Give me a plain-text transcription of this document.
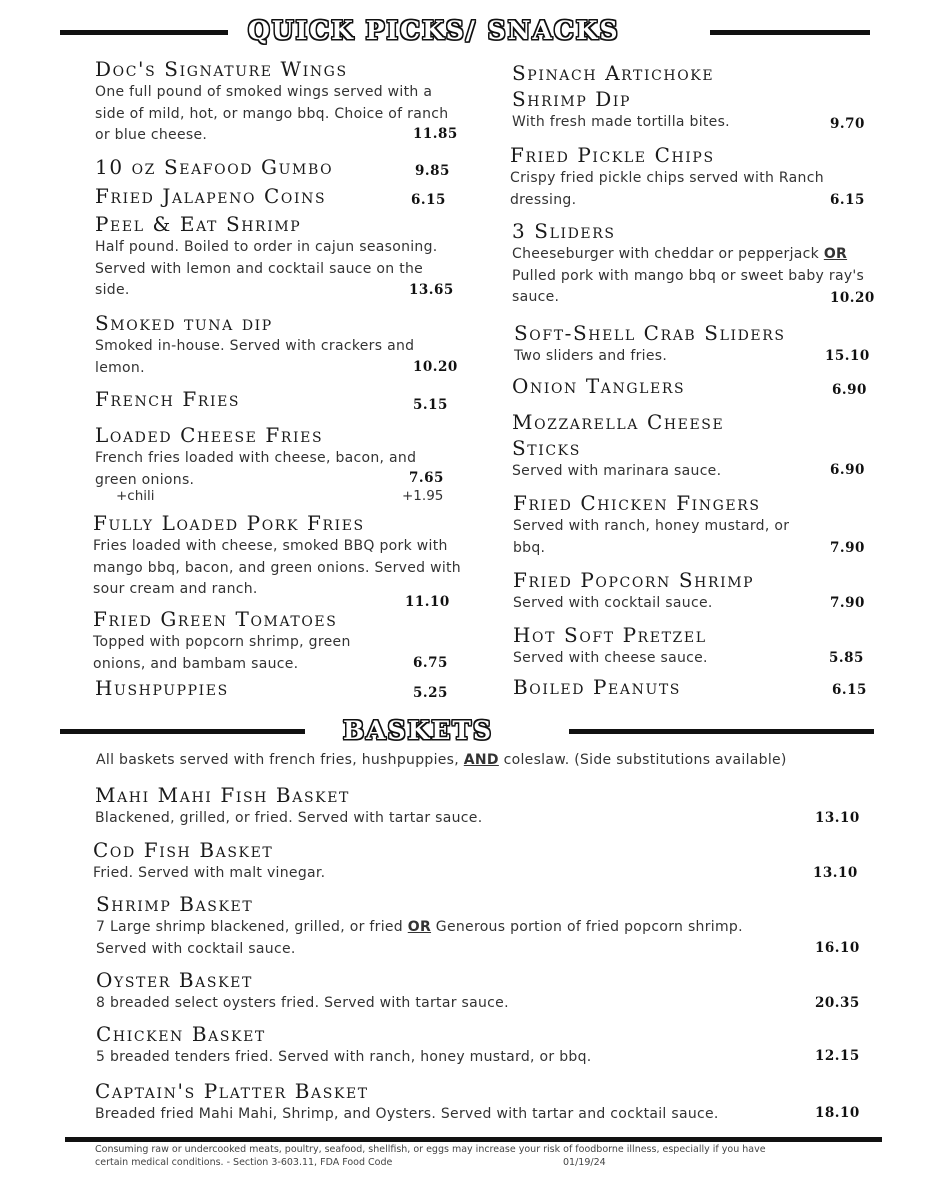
QUICK PICKS/ SNACKS
Doc's Signature Wings
One full pound of smoked wings served with a side of mild, hot, or mango bbq. Choice of ranch or blue cheese.	11.85
10 oz Seafood Gumbo	9.85
Fried Jalapeno Coins	6.15
Peel & Eat Shrimp
Half pound. Boiled to order in cajun seasoning. Served with lemon and cocktail sauce on the side.	13.65
Smoked tuna dip
Smoked in-house. Served with crackers and lemon.	10.20
French Fries	5.15
Loaded Cheese Fries
French fries loaded with cheese, bacon, and green onions.	7.65
+chili	+1.95
Fully Loaded Pork Fries
Fries loaded with cheese, smoked BBQ pork with mango bbq, bacon, and green onions. Served with sour cream and ranch.
11.10
Fried Green Tomatoes
Topped with popcorn shrimp, green onions, and bambam sauce.	6.75
Hushpuppies	5.25
Spinach Artichoke Shrimp Dip
With fresh made tortilla bites.	9.70
Fried Pickle Chips
Crispy fried pickle chips served with Ranch dressing.	6.15
3 Sliders
Cheeseburger with cheddar or pepperjack OR Pulled pork with mango bbq or sweet baby ray's sauce.	10.20
Soft-Shell Crab Sliders
Two sliders and fries.	15.10
Onion Tanglers	6.90
Mozzarella Cheese Sticks
Served with marinara sauce.	6.90
Fried Chicken Fingers
Served with ranch, honey mustard, or bbq.	7.90
Fried Popcorn Shrimp
Served with cocktail sauce.	7.90
Hot Soft Pretzel
Served with cheese sauce.	5.85
Boiled Peanuts	6.15
BASKETS
All baskets served with french fries, hushpuppies, AND coleslaw. (Side substitutions available)
Mahi Mahi Fish Basket
Blackened, grilled, or fried. Served with tartar sauce.	13.10
Cod Fish Basket
Fried. Served with malt vinegar.	13.10
Shrimp Basket
7 Large shrimp blackened, grilled, or fried OR Generous portion of fried popcorn shrimp. Served with cocktail sauce.	16.10
Oyster Basket
8 breaded select oysters fried. Served with tartar sauce.	20.35
Chicken Basket
5 breaded tenders fried. Served with ranch, honey mustard, or bbq.	12.15
Captain's Platter Basket
Breaded fried Mahi Mahi, Shrimp, and Oysters. Served with tartar and cocktail sauce.	18.10
Consuming raw or undercooked meats, poultry, seafood, shellfish, or eggs may increase your risk of foodborne illness, especially if you have
certain medical conditions. - Section 3-603.11, FDA Food Code	01/19/24
